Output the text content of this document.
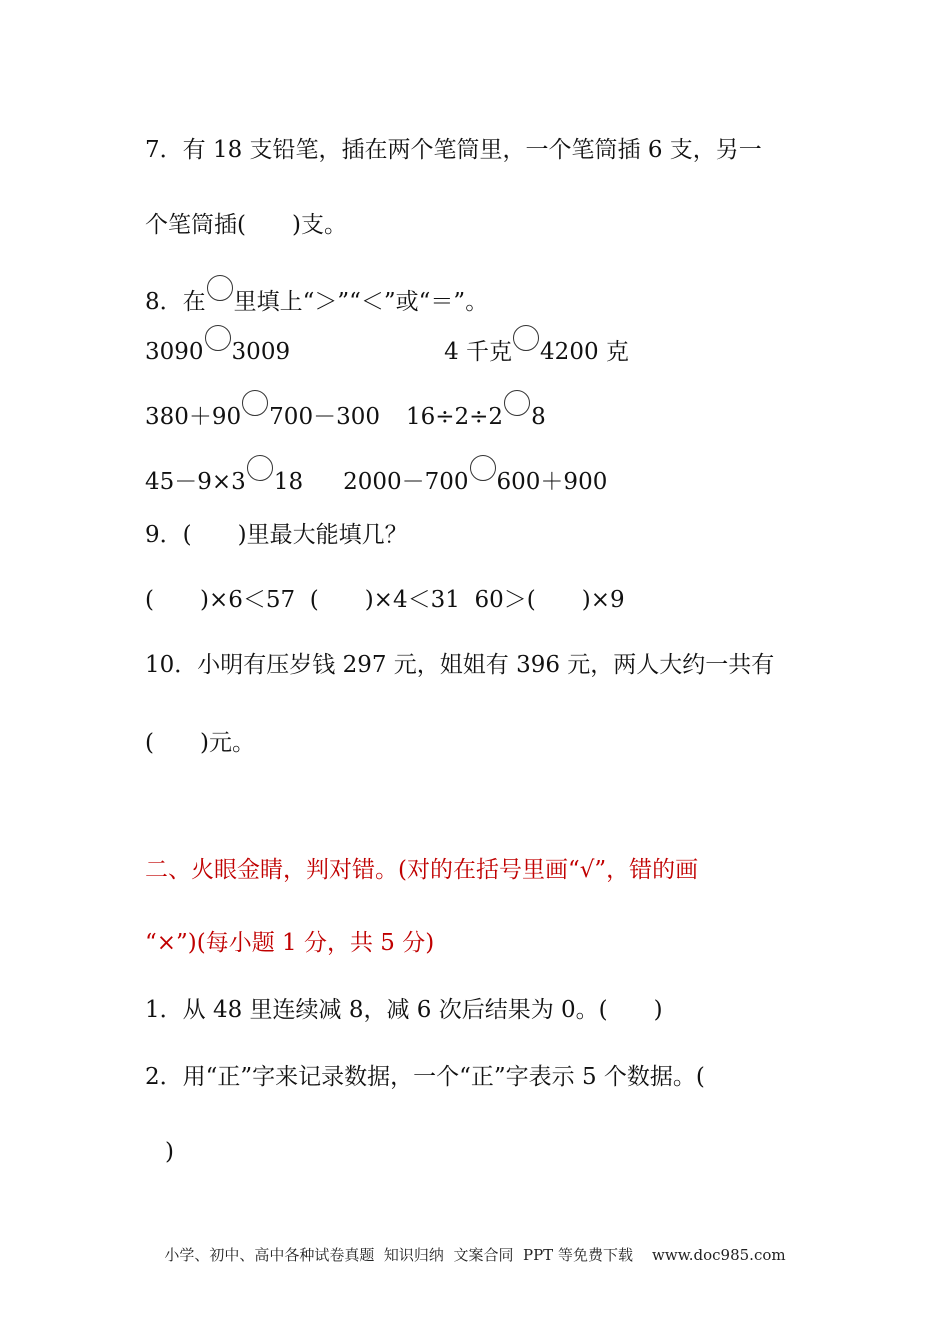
7．有 18 支铅笔，插在两个笔筒里，一个笔筒插 6 支，另一
个笔筒插(　　)支。
8．在 里填上“＞”“＜”或“＝”。
3090 3009	4 千克 4200 克
380＋90 700－300 16÷2÷2 8
45－9×3 18 2000－700 600＋900
9．(　　)里最大能填几？
(　　)×6＜57  (　　)×4＜31  60＞(　　)×9
10．小明有压岁钱 297 元，姐姐有 396 元，两人大约一共有
(　　)元。
二、火眼金睛，判对错。(对的在括号里画“√”，错的画
“×”)(每小题 1 分，共 5 分)
1．从 48 里连续减 8，减 6 次后结果为 0。(　　)
2．用“正”字来记录数据，一个“正”字表示 5 个数据。(
)
小学、初中、高中各种试卷真题  知识归纳  文案合同  PPT 等免费下载    www.doc985.com
